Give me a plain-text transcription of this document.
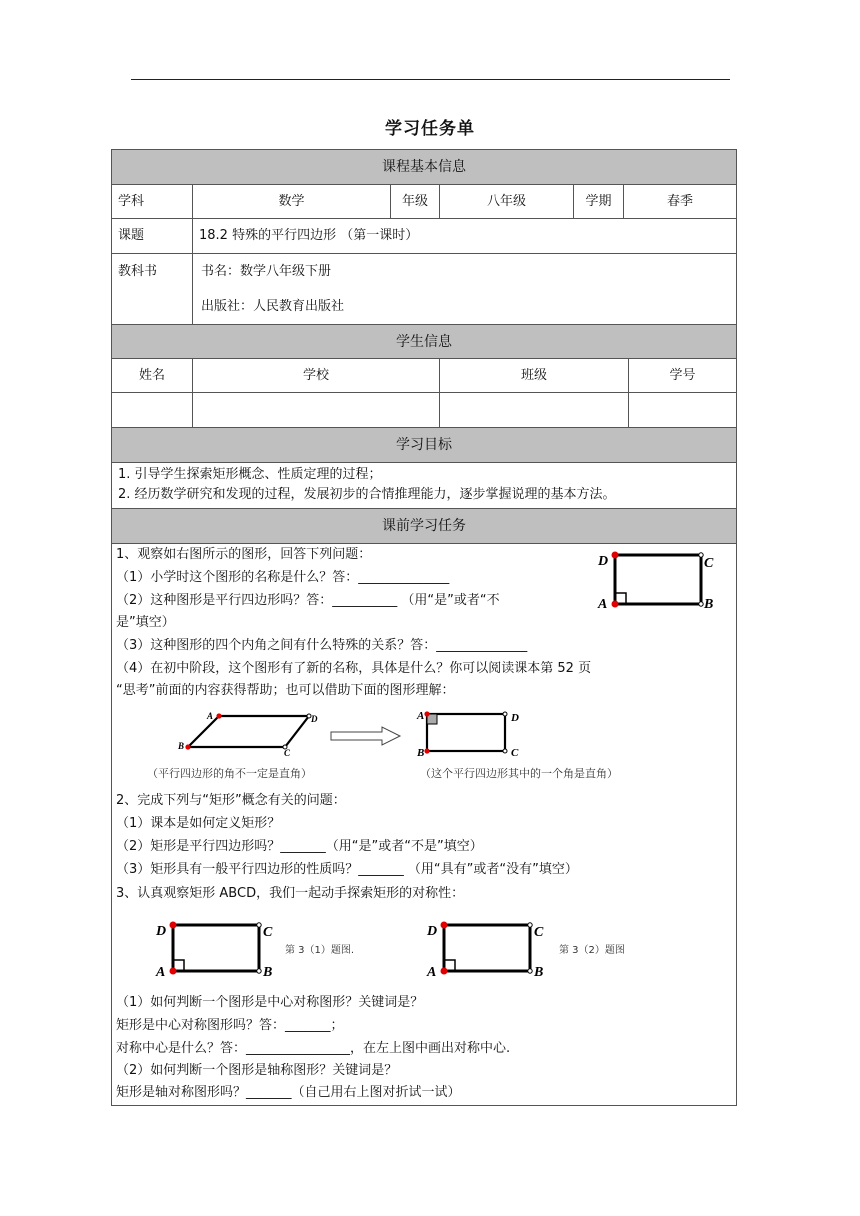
学习任务单
课程基本信息
学科	数学	年级	八年级	学期	春季
课题	18.2 特殊的平行四边形 （第一课时）
教科书	书名：数学八年级下册
出版社：人民教育出版社
学生信息
姓名	学校	班级	学号
学习目标
1. 引导学生探索矩形概念、性质定理的过程；
2. 经历数学研究和发现的过程，发展初步的合情推理能力，逐步掌握说理的基本方法。
课前学习任务
1、观察如右图所示的图形，回答下列问题：
（1）小学时这个图形的名称是什么？答：______________
（2）这种图形是平行四边形吗？答：__________ （用“是”或者“不
是”填空）
（3）这种图形的四个内角之间有什么特殊的关系？答：______________
（4）在初中阶段，这个图形有了新的名称，具体是什么？你可以阅读课本第 52 页
“思考”前面的内容获得帮助；也可以借助下面的图形理解：
D	C
A	B
A	D
B
C
A	D
B	C
（平行四边形的角不一定是直角）	（这个平行四边形其中的一个角是直角）
2、完成下列与“矩形”概念有关的问题：
（1）课本是如何定义矩形？
（2）矩形是平行四边形吗？_______（用“是”或者“不是”填空）
（3）矩形具有一般平行四边形的性质吗？_______ （用“具有”或者“没有”填空）
3、认真观察矩形 ABCD，我们一起动手探索矩形的对称性：
D	C
A	B
第 3（1）题图.
D	C
A	B
第 3（2）题图
（1）如何判断一个图形是中心对称图形？关键词是？
矩形是中心对称图形吗？答：_______；
对称中心是什么？答：________________，在左上图中画出对称中心.
（2）如何判断一个图形是轴称图形？关键词是？
矩形是轴对称图形吗？_______（自己用右上图对折试一试）
